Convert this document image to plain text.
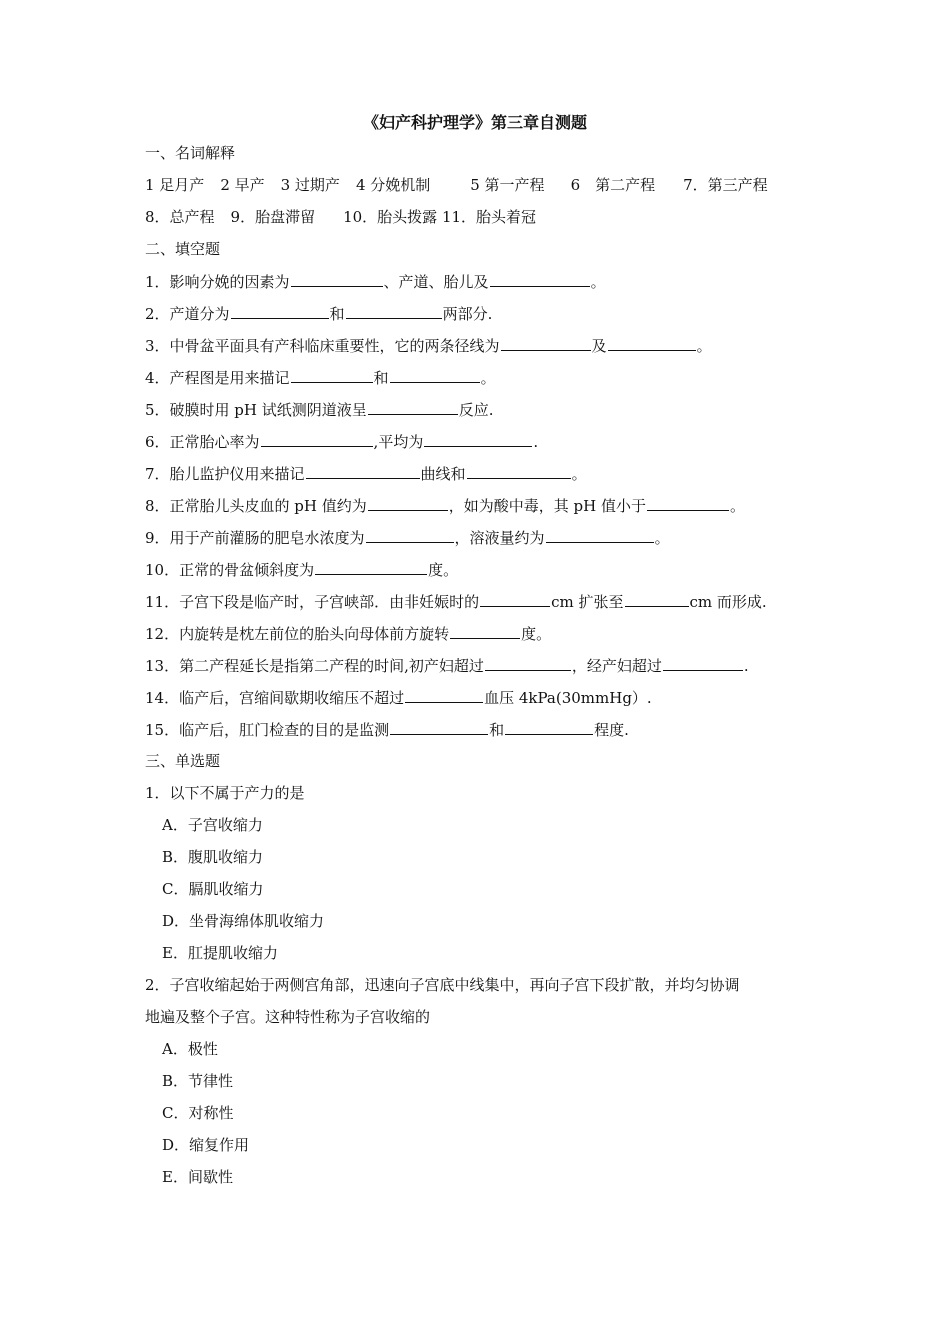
《妇产科护理学》第三章自测题
一、名词解释
1 足月产 2 早产 3 过期产 4 分娩机制	5 第一产程 6　第二产程 7．第三产程
8．总产程 9．胎盘滞留 10．胎头拨露 11．胎头着冠
二、填空题
1．影响分娩的因素为	、产道、胎儿及	。
2．产道分为	和	两部分.
3．中骨盆平面具有产科临床重要性，它的两条径线为	及	。
4．产程图是用来描记	和	。
5．破膜时用 pH 试纸测阴道液呈	反应.
6．正常胎心率为	,平均为	.
7．胎儿监护仪用来描记	曲线和	。
8．正常胎儿头皮血的 pH 值约为	，如为酸中毒，其 pH 值小于	。
9．用于产前灌肠的肥皂水浓度为	，溶液量约为	。
10．正常的骨盆倾斜度为	度。
11．子宫下段是临产时，子宫峡部．由非妊娠时的	cm 扩张至	cm 而形成.
12．内旋转是枕左前位的胎头向母体前方旋转	度。
13．第二产程延长是指第二产程的时间,初产妇超过	，经产妇超过	.
14．临产后，宫缩间歇期收缩压不超过	血压 4kPa(30mmHg）.
15．临产后，肛门检查的目的是监测	和	程度.
三、单选题
1．以下不属于产力的是
A．子宫收缩力
B．腹肌收缩力
C．膈肌收缩力
D．坐骨海绵体肌收缩力
E．肛提肌收缩力
2．子宫收缩起始于两侧宫角部，迅速向子宫底中线集中，再向子宫下段扩散，并均匀协调
地遍及整个子宫。这种特性称为子宫收缩的
A．极性
B．节律性
C．对称性
D．缩复作用
E．间歇性
